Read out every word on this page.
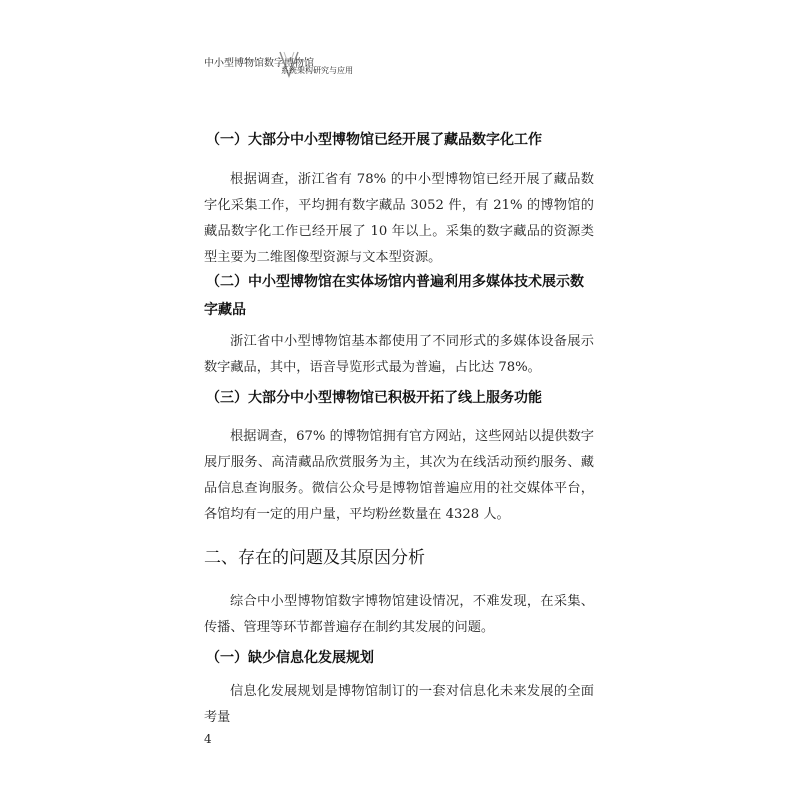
中小型博物馆数字博物馆
系统架构研究与应用
（一）大部分中小型博物馆已经开展了藏品数字化工作

根据调查，浙江省有 78% 的中小型博物馆已经开展了藏品数字化采集工作，平均拥有数字藏品 3052 件，有 21% 的博物馆的藏品数字化工作已经开展了 10 年以上。采集的数字藏品的资源类型主要为二维图像型资源与文本型资源。

（二）中小型博物馆在实体场馆内普遍利用多媒体技术展示数
字藏品

浙江省中小型博物馆基本都使用了不同形式的多媒体设备展示数字藏品，其中，语音导览形式最为普遍，占比达 78%。

（三）大部分中小型博物馆已积极开拓了线上服务功能

根据调查，67% 的博物馆拥有官方网站，这些网站以提供数字展厅服务、高清藏品欣赏服务为主，其次为在线活动预约服务、藏品信息查询服务。微信公众号是博物馆普遍应用的社交媒体平台，各馆均有一定的用户量，平均粉丝数量在 4328 人。

二、存在的问题及其原因分析

综合中小型博物馆数字博物馆建设情况，不难发现，在采集、传播、管理等环节都普遍存在制约其发展的问题。

（一）缺少信息化发展规划

信息化发展规划是博物馆制订的一套对信息化未来发展的全面考量

4
